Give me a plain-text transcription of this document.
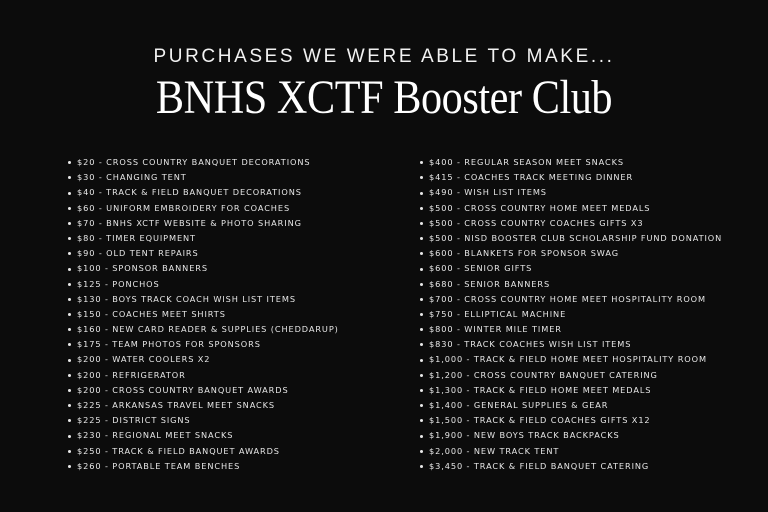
PURCHASES WE WERE ABLE TO MAKE...
BNHS XCTF Booster Club
$20 - CROSS COUNTRY BANQUET DECORATIONS
$30 - CHANGING TENT
$40 - TRACK & FIELD BANQUET DECORATIONS
$60 - UNIFORM EMBROIDERY FOR COACHES
$70 - BNHS XCTF WEBSITE & PHOTO SHARING
$80 - TIMER EQUIPMENT
$90 - OLD TENT REPAIRS
$100 - SPONSOR BANNERS
$125 - PONCHOS
$130 - BOYS TRACK COACH WISH LIST ITEMS
$150 - COACHES MEET SHIRTS
$160 - NEW CARD READER & SUPPLIES (CHEDDARUP)
$175 - TEAM PHOTOS FOR SPONSORS
$200 - WATER COOLERS X2
$200 - REFRIGERATOR
$200 - CROSS COUNTRY BANQUET AWARDS
$225 - ARKANSAS TRAVEL MEET SNACKS
$225 - DISTRICT SIGNS
$230 - REGIONAL MEET SNACKS
$250 - TRACK & FIELD BANQUET AWARDS
$260 - PORTABLE TEAM BENCHES
$400 - REGULAR SEASON MEET SNACKS
$415 - COACHES TRACK MEETING DINNER
$490 - WISH LIST ITEMS
$500 - CROSS COUNTRY HOME MEET MEDALS
$500 - CROSS COUNTRY COACHES GIFTS X3
$500 - NISD BOOSTER CLUB SCHOLARSHIP FUND DONATION
$600 - BLANKETS FOR SPONSOR SWAG
$600 - SENIOR GIFTS
$680 - SENIOR BANNERS
$700 - CROSS COUNTRY HOME MEET HOSPITALITY ROOM
$750 - ELLIPTICAL MACHINE
$800 - WINTER MILE TIMER
$830 - TRACK COACHES WISH LIST ITEMS
$1,000 - TRACK & FIELD HOME MEET HOSPITALITY ROOM
$1,200 - CROSS COUNTRY BANQUET CATERING
$1,300 - TRACK & FIELD HOME MEET MEDALS
$1,400 - GENERAL SUPPLIES & GEAR
$1,500 - TRACK & FIELD COACHES GIFTS X12
$1,900 - NEW BOYS TRACK BACKPACKS
$2,000 - NEW TRACK TENT
$3,450 - TRACK & FIELD BANQUET CATERING
